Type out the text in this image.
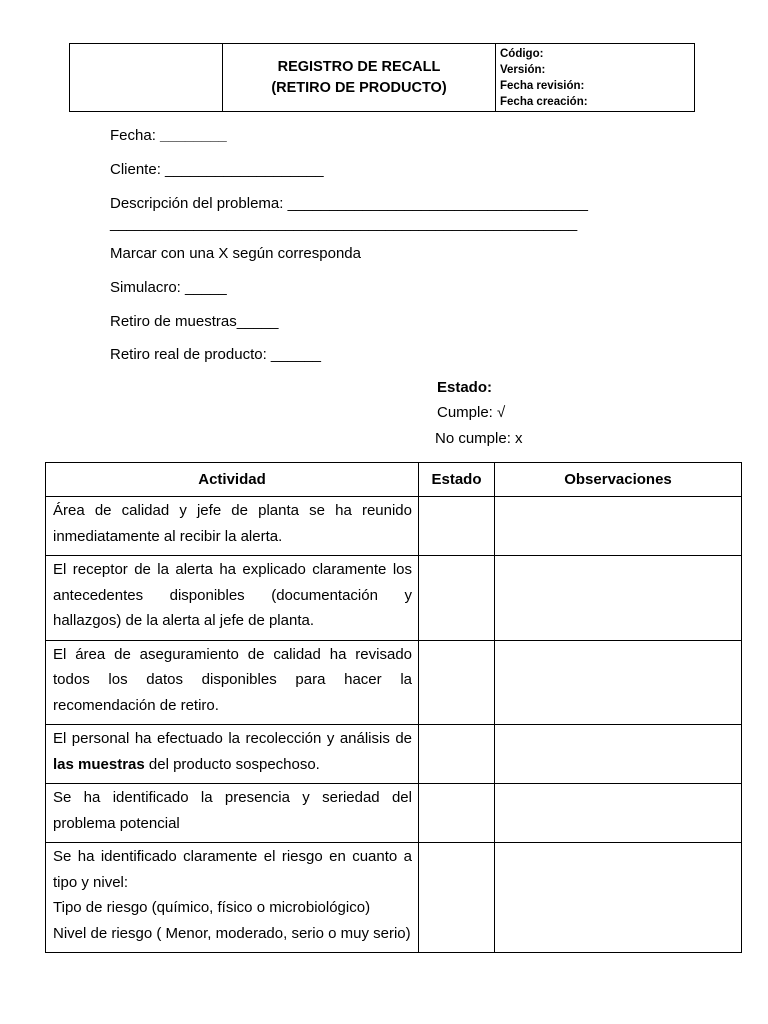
REGISTRO DE RECALL
(RETIRO DE PRODUCTO)
Código:
Versión:
Fecha revisión:
Fecha creación:
Fecha: ________
Cliente: ___________________
Descripción del problema: ____________________________________
________________________________________________________
Marcar con una X según corresponda
Simulacro: _____
Retiro de muestras_____
Retiro real de producto: ______
Estado:
Cumple: √
No cumple: x
Actividad	Estado	Observaciones

Área de calidad y jefe de planta se ha reunido inmediatamente al recibir la alerta.		

El receptor de la alerta ha explicado claramente los antecedentes disponibles (documentación y hallazgos) de la alerta al jefe de planta.		

El área de aseguramiento de calidad ha revisado todos los datos disponibles para hacer la recomendación de retiro.		

El personal ha efectuado la recolección y análisis de las muestras del producto sospechoso.		

Se ha identificado la presencia y seriedad del problema potencial		

Se ha identificado claramente el riesgo en cuanto a tipo y nivel:
Tipo de riesgo (químico, físico o microbiológico)
Nivel de riesgo ( Menor, moderado, serio o muy serio)		
